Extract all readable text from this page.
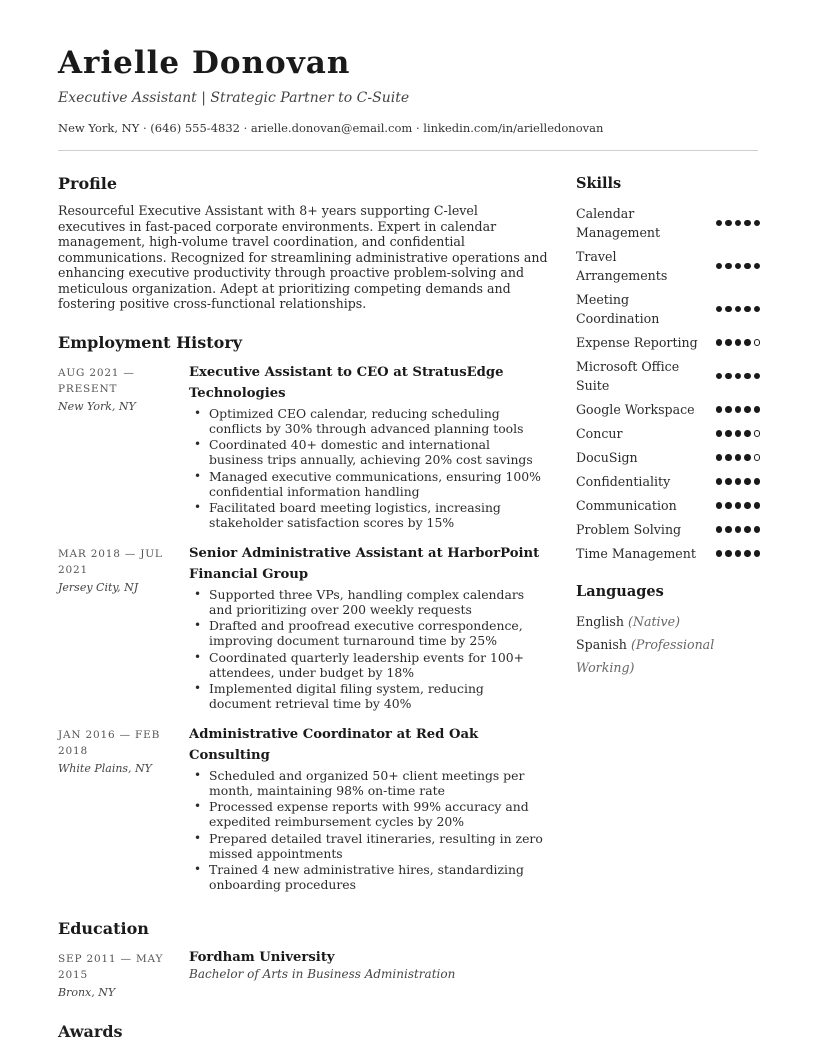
Arielle Donovan
Executive Assistant | Strategic Partner to C-Suite
New York, NY · (646) 555-4832 · arielle.donovan@email.com · linkedin.com/in/arielledonovan
Profile
Resourceful Executive Assistant with 8+ years supporting C-level executives in fast-paced corporate environments. Expert in calendar management, high-volume travel coordination, and confidential communications. Recognized for streamlining administrative operations and enhancing executive productivity through proactive problem-solving and meticulous organization. Adept at prioritizing competing demands and fostering positive cross-functional relationships.
Employment History
AUG 2021 — PRESENT
New York, NY
Executive Assistant to CEO at StratusEdge Technologies
• Optimized CEO calendar, reducing scheduling conflicts by 30% through advanced planning tools
• Coordinated 40+ domestic and international business trips annually, achieving 20% cost savings
• Managed executive communications, ensuring 100% confidential information handling
• Facilitated board meeting logistics, increasing stakeholder satisfaction scores by 15%
MAR 2018 — JUL 2021
Jersey City, NJ
Senior Administrative Assistant at HarborPoint Financial Group
• Supported three VPs, handling complex calendars and prioritizing over 200 weekly requests
• Drafted and proofread executive correspondence, improving document turnaround time by 25%
• Coordinated quarterly leadership events for 100+ attendees, under budget by 18%
• Implemented digital filing system, reducing document retrieval time by 40%
JAN 2016 — FEB 2018
White Plains, NY
Administrative Coordinator at Red Oak Consulting
• Scheduled and organized 50+ client meetings per month, maintaining 98% on-time rate
• Processed expense reports with 99% accuracy and expedited reimbursement cycles by 20%
• Prepared detailed travel itineraries, resulting in zero missed appointments
• Trained 4 new administrative hires, standardizing onboarding procedures
Education
SEP 2011 — MAY 2015
Bronx, NY
Fordham University
Bachelor of Arts in Business Administration
Awards
Skills
Calendar Management
Travel Arrangements
Meeting Coordination
Expense Reporting
Microsoft Office Suite
Google Workspace
Concur
DocuSign
Confidentiality
Communication
Problem Solving
Time Management
Languages
English (Native)
Spanish (Professional Working)
